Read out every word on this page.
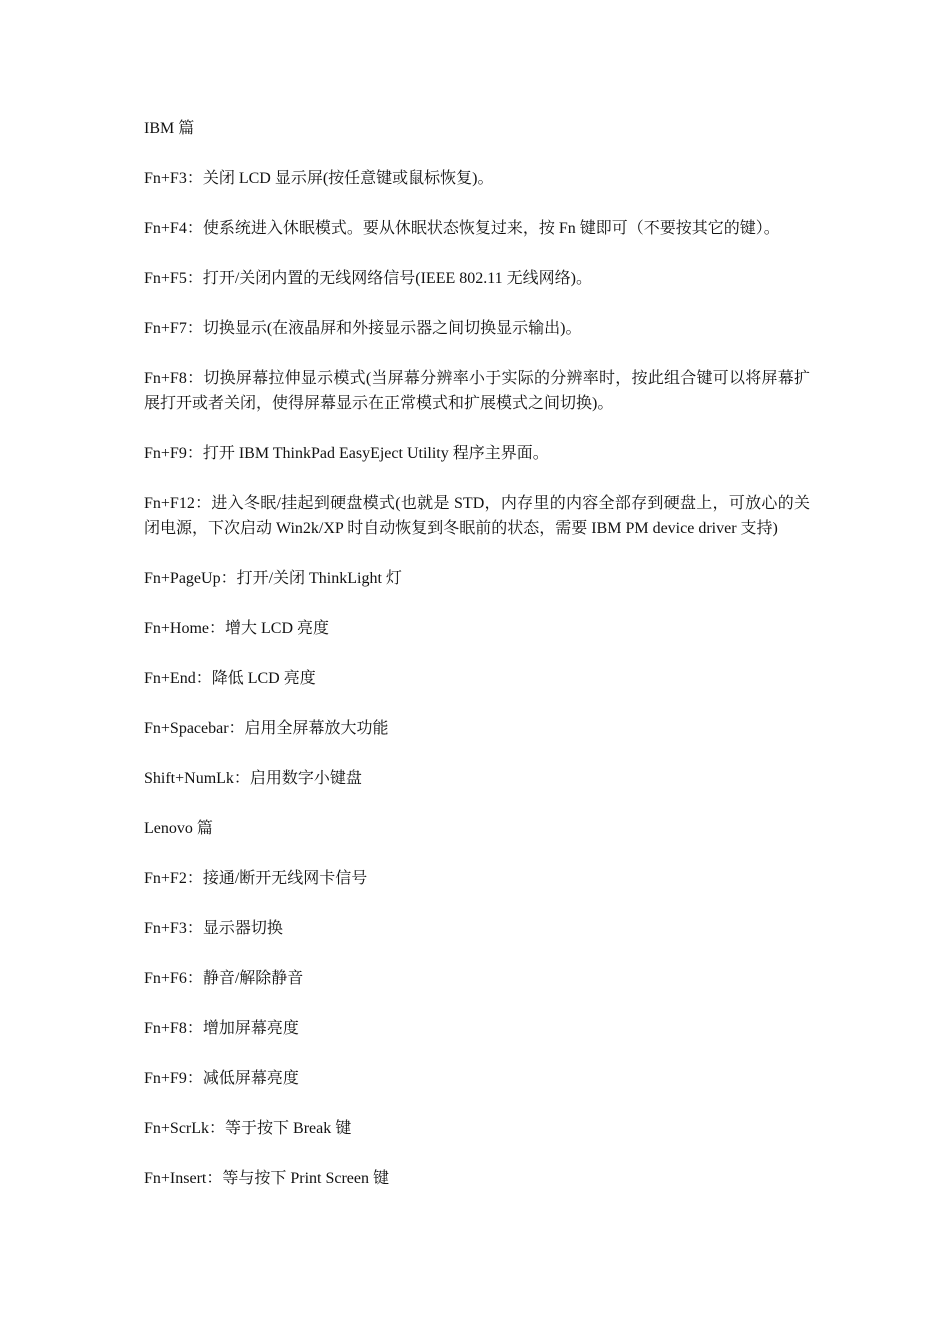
IBM 篇

Fn+F3：关闭 LCD 显示屏(按任意键或鼠标恢复)。

Fn+F4：使系统进入休眠模式。要从休眠状态恢复过来，按 Fn 键即可（不要按其它的键）。

Fn+F5：打开/关闭内置的无线网络信号(IEEE 802.11 无线网络)。

Fn+F7：切换显示(在液晶屏和外接显示器之间切换显示输出)。

Fn+F8：切换屏幕拉伸显示模式(当屏幕分辨率小于实际的分辨率时，按此组合键可以将屏幕扩展打开或者关闭，使得屏幕显示在正常模式和扩展模式之间切换)。

Fn+F9：打开 IBM ThinkPad EasyEject Utility 程序主界面。

Fn+F12：进入冬眠/挂起到硬盘模式(也就是 STD，内存里的内容全部存到硬盘上，可放心的关闭电源，下次启动 Win2k/XP 时自动恢复到冬眠前的状态，需要 IBM PM device driver 支持)

Fn+PageUp：打开/关闭 ThinkLight 灯

Fn+Home：增大 LCD 亮度

Fn+End：降低 LCD 亮度

Fn+Spacebar：启用全屏幕放大功能

Shift+NumLk：启用数字小键盘

Lenovo 篇

Fn+F2：接通/断开无线网卡信号

Fn+F3：显示器切换

Fn+F6：静音/解除静音

Fn+F8：增加屏幕亮度

Fn+F9：减低屏幕亮度

Fn+ScrLk：等于按下 Break 键

Fn+Insert：等与按下 Print Screen 键
